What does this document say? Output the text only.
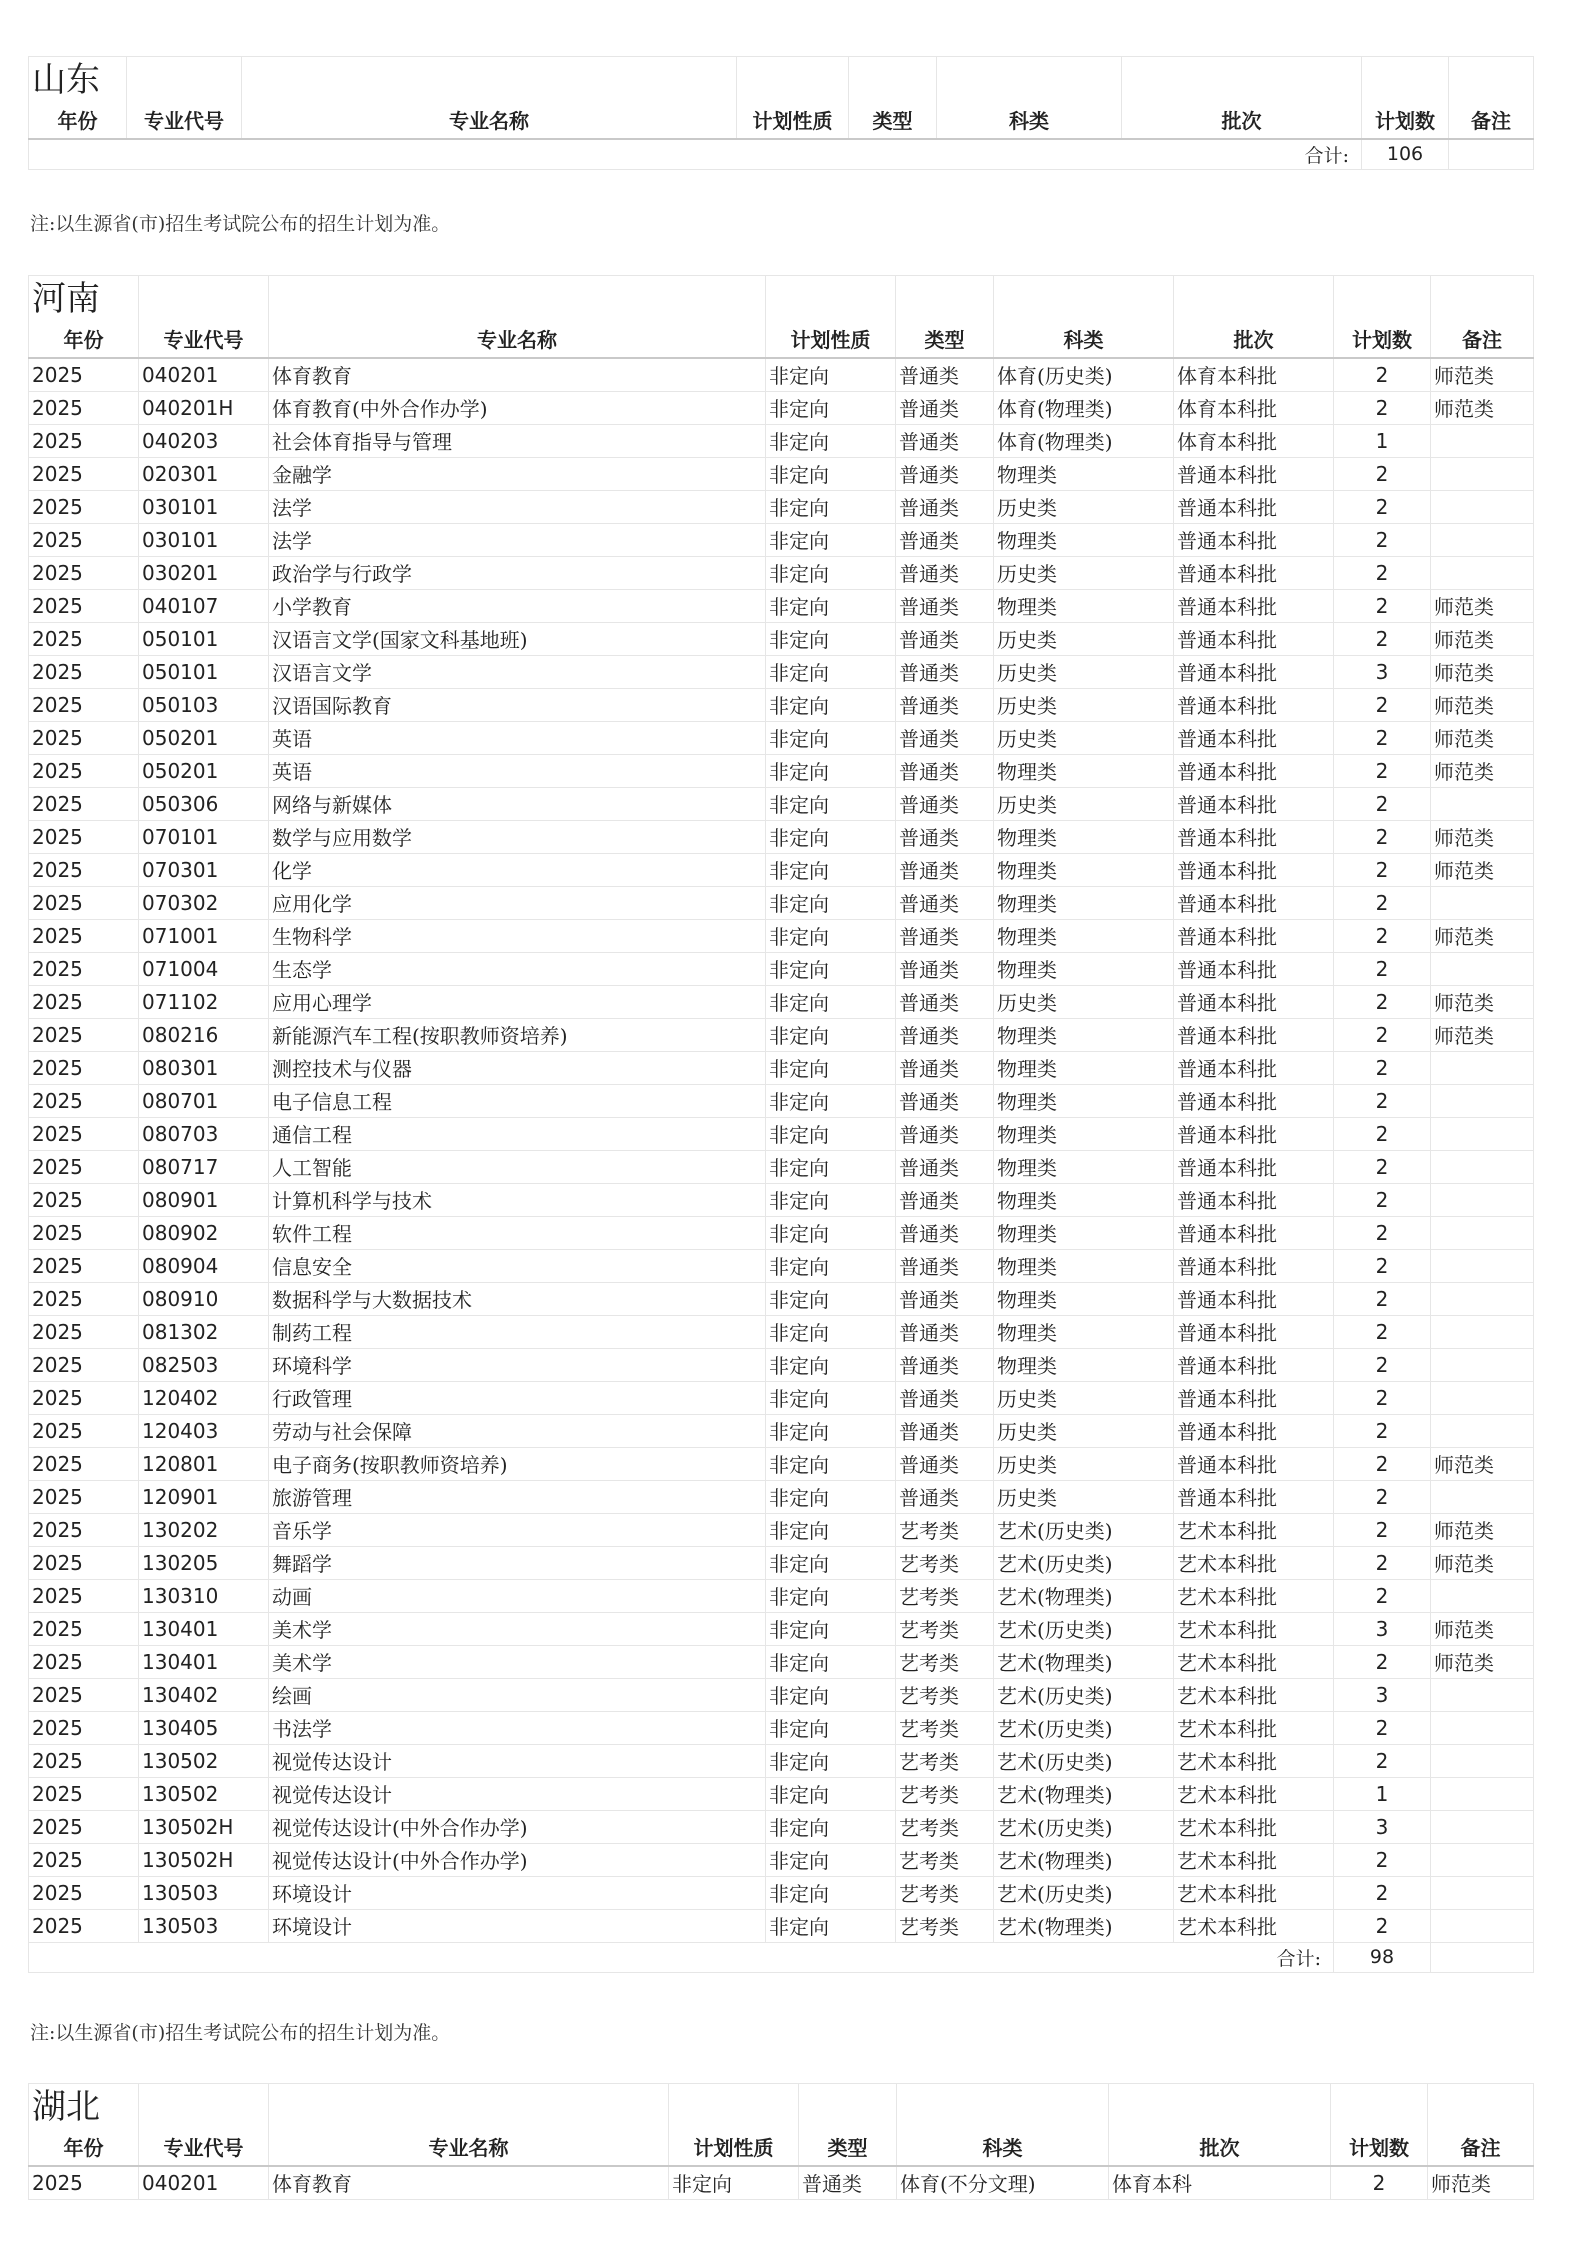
山东								
年份	专业代号	专业名称	计划性质	类型	科类	批次	计划数	备注
合计:							106	
注:以生源省(市)招生考试院公布的招生计划为准。
河南								
年份	专业代号	专业名称	计划性质	类型	科类	批次	计划数	备注
2025	040201	体育教育	非定向	普通类	体育(历史类)	体育本科批	2	师范类
2025	040201H	体育教育(中外合作办学)	非定向	普通类	体育(物理类)	体育本科批	2	师范类
2025	040203	社会体育指导与管理	非定向	普通类	体育(物理类)	体育本科批	1	
2025	020301	金融学	非定向	普通类	物理类	普通本科批	2	
2025	030101	法学	非定向	普通类	历史类	普通本科批	2	
2025	030101	法学	非定向	普通类	物理类	普通本科批	2	
2025	030201	政治学与行政学	非定向	普通类	历史类	普通本科批	2	
2025	040107	小学教育	非定向	普通类	物理类	普通本科批	2	师范类
2025	050101	汉语言文学(国家文科基地班)	非定向	普通类	历史类	普通本科批	2	师范类
2025	050101	汉语言文学	非定向	普通类	历史类	普通本科批	3	师范类
2025	050103	汉语国际教育	非定向	普通类	历史类	普通本科批	2	师范类
2025	050201	英语	非定向	普通类	历史类	普通本科批	2	师范类
2025	050201	英语	非定向	普通类	物理类	普通本科批	2	师范类
2025	050306	网络与新媒体	非定向	普通类	历史类	普通本科批	2	
2025	070101	数学与应用数学	非定向	普通类	物理类	普通本科批	2	师范类
2025	070301	化学	非定向	普通类	物理类	普通本科批	2	师范类
2025	070302	应用化学	非定向	普通类	物理类	普通本科批	2	
2025	071001	生物科学	非定向	普通类	物理类	普通本科批	2	师范类
2025	071004	生态学	非定向	普通类	物理类	普通本科批	2	
2025	071102	应用心理学	非定向	普通类	历史类	普通本科批	2	师范类
2025	080216	新能源汽车工程(按职教师资培养)	非定向	普通类	物理类	普通本科批	2	师范类
2025	080301	测控技术与仪器	非定向	普通类	物理类	普通本科批	2	
2025	080701	电子信息工程	非定向	普通类	物理类	普通本科批	2	
2025	080703	通信工程	非定向	普通类	物理类	普通本科批	2	
2025	080717	人工智能	非定向	普通类	物理类	普通本科批	2	
2025	080901	计算机科学与技术	非定向	普通类	物理类	普通本科批	2	
2025	080902	软件工程	非定向	普通类	物理类	普通本科批	2	
2025	080904	信息安全	非定向	普通类	物理类	普通本科批	2	
2025	080910	数据科学与大数据技术	非定向	普通类	物理类	普通本科批	2	
2025	081302	制药工程	非定向	普通类	物理类	普通本科批	2	
2025	082503	环境科学	非定向	普通类	物理类	普通本科批	2	
2025	120402	行政管理	非定向	普通类	历史类	普通本科批	2	
2025	120403	劳动与社会保障	非定向	普通类	历史类	普通本科批	2	
2025	120801	电子商务(按职教师资培养)	非定向	普通类	历史类	普通本科批	2	师范类
2025	120901	旅游管理	非定向	普通类	历史类	普通本科批	2	
2025	130202	音乐学	非定向	艺考类	艺术(历史类)	艺术本科批	2	师范类
2025	130205	舞蹈学	非定向	艺考类	艺术(历史类)	艺术本科批	2	师范类
2025	130310	动画	非定向	艺考类	艺术(物理类)	艺术本科批	2	
2025	130401	美术学	非定向	艺考类	艺术(历史类)	艺术本科批	3	师范类
2025	130401	美术学	非定向	艺考类	艺术(物理类)	艺术本科批	2	师范类
2025	130402	绘画	非定向	艺考类	艺术(历史类)	艺术本科批	3	
2025	130405	书法学	非定向	艺考类	艺术(历史类)	艺术本科批	2	
2025	130502	视觉传达设计	非定向	艺考类	艺术(历史类)	艺术本科批	2	
2025	130502	视觉传达设计	非定向	艺考类	艺术(物理类)	艺术本科批	1	
2025	130502H	视觉传达设计(中外合作办学)	非定向	艺考类	艺术(历史类)	艺术本科批	3	
2025	130502H	视觉传达设计(中外合作办学)	非定向	艺考类	艺术(物理类)	艺术本科批	2	
2025	130503	环境设计	非定向	艺考类	艺术(历史类)	艺术本科批	2	
2025	130503	环境设计	非定向	艺考类	艺术(物理类)	艺术本科批	2	
合计:							98	
注:以生源省(市)招生考试院公布的招生计划为准。
湖北								
年份	专业代号	专业名称	计划性质	类型	科类	批次	计划数	备注
2025	040201	体育教育	非定向	普通类	体育(不分文理)	体育本科	2	师范类
